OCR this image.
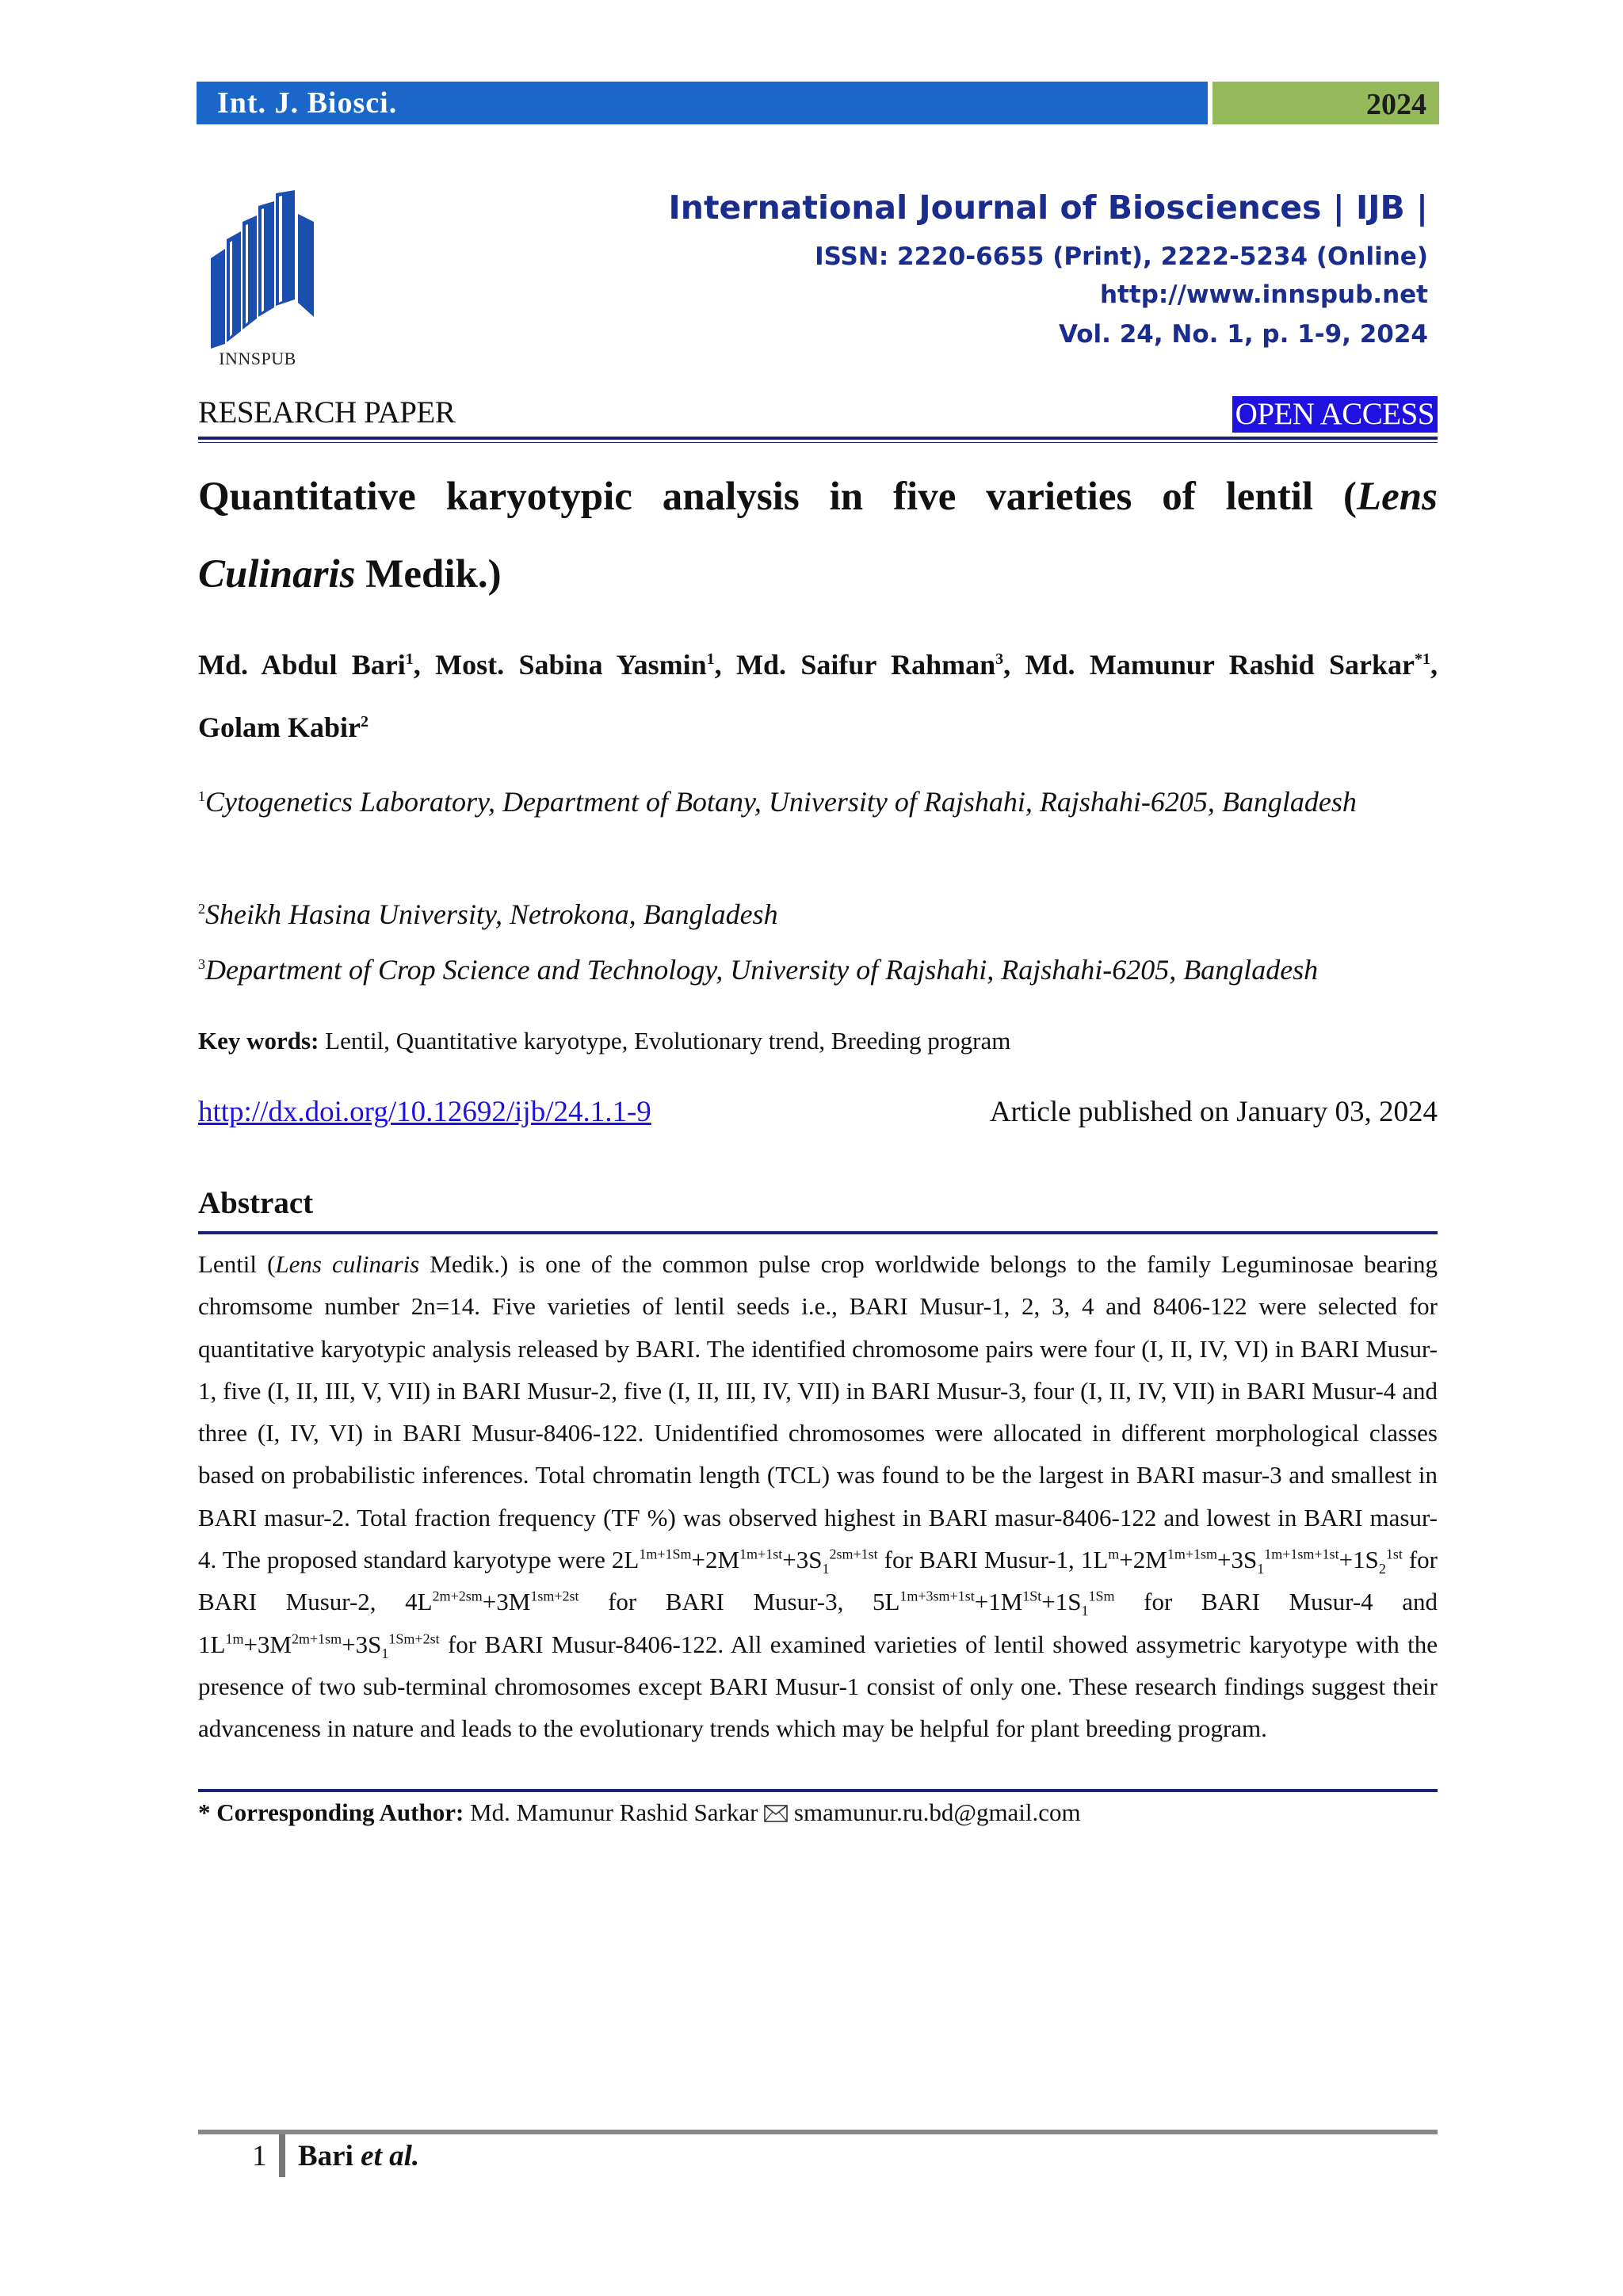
Int. J. Biosci.	2024
INNSPUB
International Journal of Biosciences | IJB |
ISSN: 2220-6655 (Print), 2222-5234 (Online)
http://www.innspub.net
Vol. 24, No. 1, p. 1-9, 2024
RESEARCH PAPER	OPEN ACCESS
Quantitative karyotypic analysis in five varieties of lentil (Lens Culinaris Medik.)
Md. Abdul Bari$^1$, Most. Sabina Yasmin$^1$, Md. Saifur Rahman$^3$, Md. Mamunur Rashid Sarkar$^{*1}$, Golam Kabir$^2$
$^1$Cytogenetics Laboratory, Department of Botany, University of Rajshahi, Rajshahi-6205, Bangladesh
$^2$Sheikh Hasina University, Netrokona, Bangladesh
$^3$Department of Crop Science and Technology, University of Rajshahi, Rajshahi-6205, Bangladesh
Key words: Lentil, Quantitative karyotype, Evolutionary trend, Breeding program
http://dx.doi.org/10.12692/ijb/24.1.1-9	Article published on January 03, 2024
Abstract
Lentil (Lens culinaris Medik.) is one of the common pulse crop worldwide belongs to the family Leguminosae bearing chromsome number 2n=14. Five varieties of lentil seeds i.e., BARI Musur-1, 2, 3, 4 and 8406-122 were selected for quantitative karyotypic analysis released by BARI. The identified chromosome pairs were four (I, II, IV, VI) in BARI Musur-1, five (I, II, III, V, VII) in BARI Musur-2, five (I, II, III, IV, VII) in BARI Musur-3, four (I, II, IV, VII) in BARI Musur-4 and three (I, IV, VI) in BARI Musur-8406-122. Unidentified chromosomes were allocated in different morphological classes based on probabilistic inferences. Total chromatin length (TCL) was found to be the largest in BARI masur-3 and smallest in BARI masur-2. Total fraction frequency (TF %) was observed highest in BARI masur-8406-122 and lowest in BARI masur-4. The proposed standard karyotype were $2L^{1m+1Sm}+2M^{1m+1st}+3S_1^{2sm+1st}$ for BARI Musur-1, $1L^m+2M^{1m+1sm}+3S_1^{1m+1sm+1st}+1S_2^{1st}$ for BARI Musur-2, $4L^{2m+2sm}+3M^{1sm+2st}$ for BARI Musur-3, $5L^{1m+3sm+1st}+1M^{1St}+1S_1^{1Sm}$ for BARI Musur-4 and $1L^{1m}+3M^{2m+1sm}+3S_1^{1Sm+2st}$ for BARI Musur-8406-122. All examined varieties of lentil showed assymetric karyotype with the presence of two sub-terminal chromosomes except BARI Musur-1 consist of only one. These research findings suggest their advanceness in nature and leads to the evolutionary trends which may be helpful for plant breeding program.
* Corresponding Author: Md. Mamunur Rashid Sarkar smamunur.ru.bd@gmail.com
1 Bari et al.
